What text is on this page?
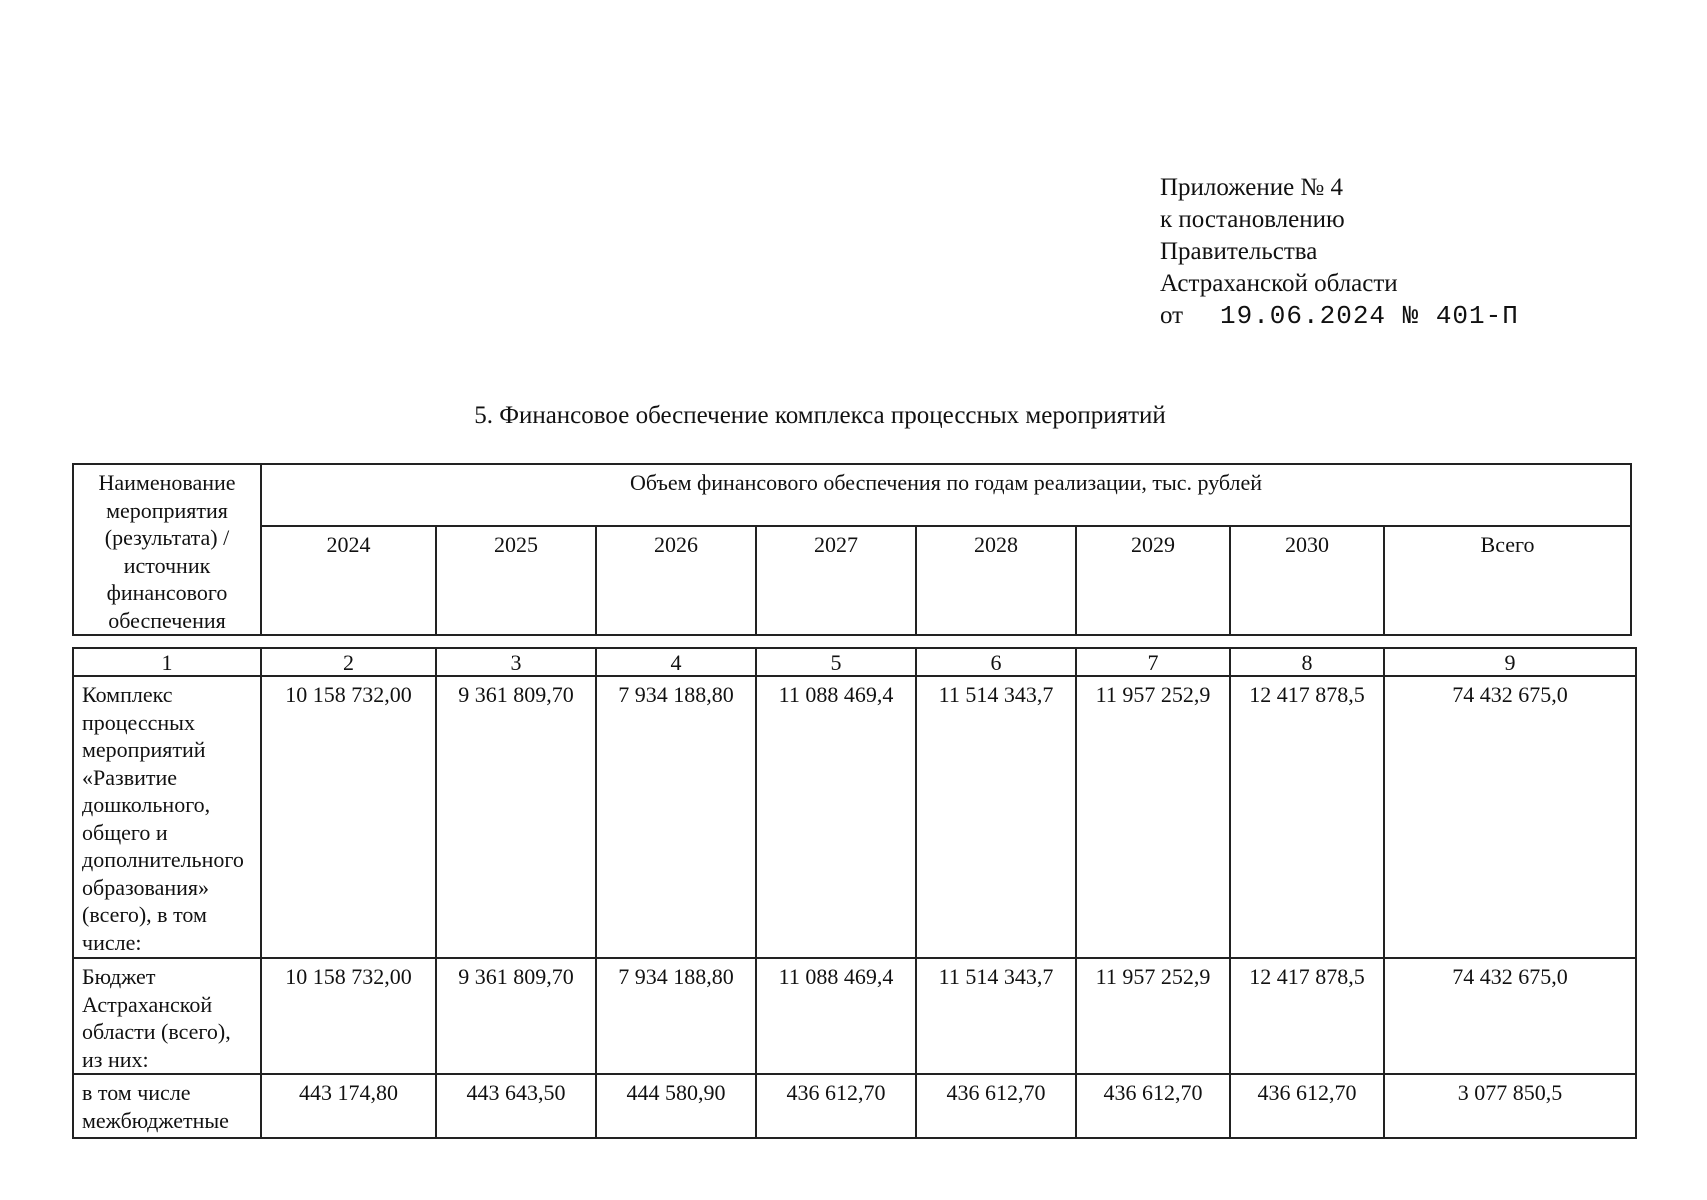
Приложение № 4
к постановлению
Правительства
Астраханской области
от 19.06.2024 № 401-П
5. Финансовое обеспечение комплекса процессных мероприятий
Наименование мероприятия (результата) / источник финансового обеспечения	Объем финансового обеспечения по годам реализации, тыс. рублей							
	2024	2025	2026	2027	2028	2029	2030	Всего
1	2	3	4	5	6	7	8	9
Комплекс процессных мероприятий «Развитие дошкольного, общего и дополнительного образования» (всего), в том числе:	10 158 732,00	9 361 809,70	7 934 188,80	11 088 469,4	11 514 343,7	11 957 252,9	12 417 878,5	74 432 675,0
Бюджет Астраханской области (всего), из них:	10 158 732,00	9 361 809,70	7 934 188,80	11 088 469,4	11 514 343,7	11 957 252,9	12 417 878,5	74 432 675,0
в том числе межбюджетные	443 174,80	443 643,50	444 580,90	436 612,70	436 612,70	436 612,70	436 612,70	3 077 850,5
